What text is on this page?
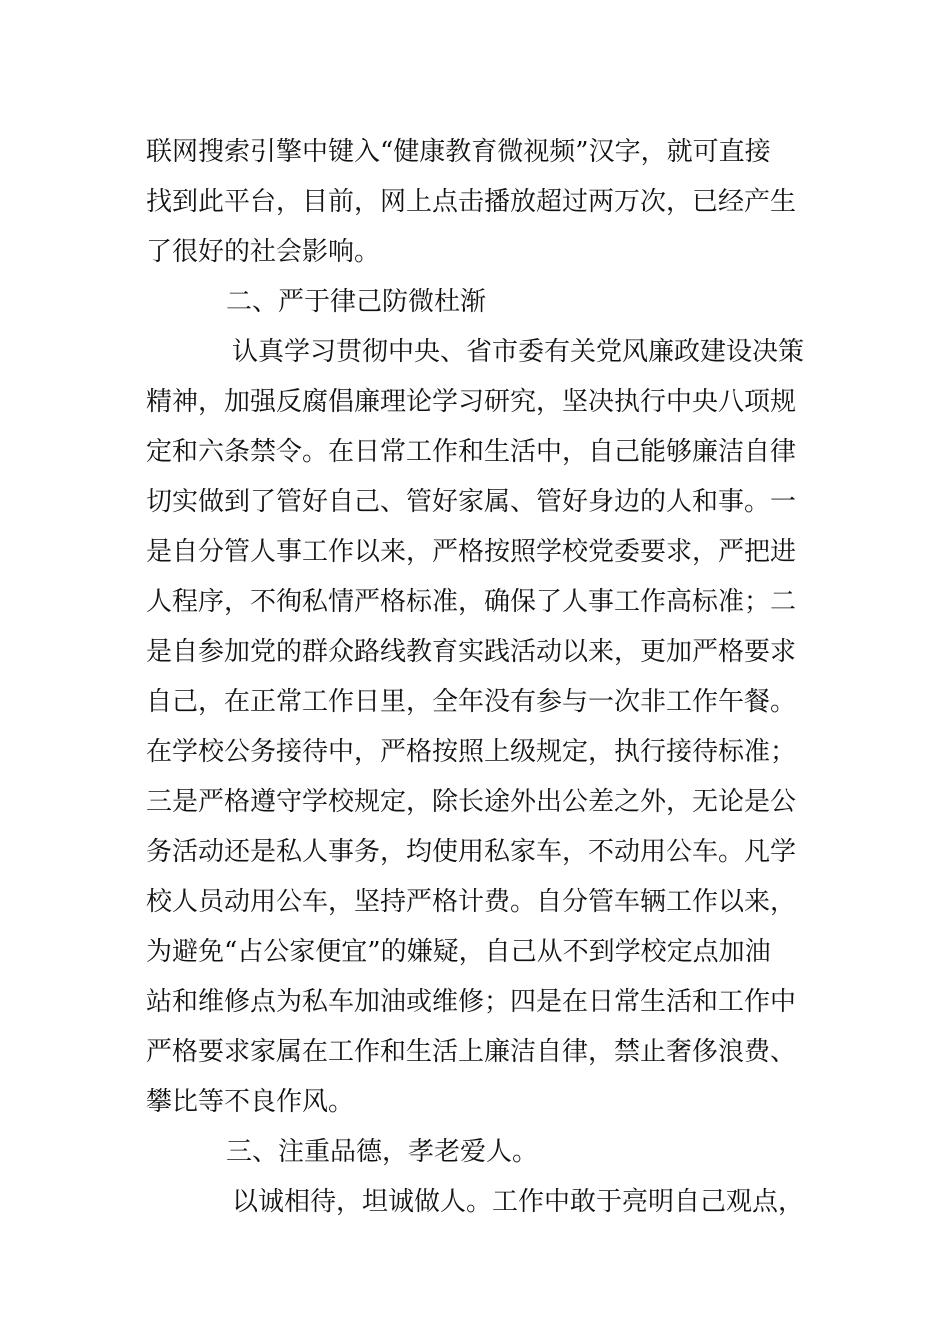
联网搜索引擎中键入“健康教育微视频”汉字，就可直接
找到此平台，目前，网上点击播放超过两万次，已经产生
了很好的社会影响。
二、严于律己防微杜渐
认真学习贯彻中央、省市委有关党风廉政建设决策
精神，加强反腐倡廉理论学习研究，坚决执行中央八项规
定和六条禁令。在日常工作和生活中，自己能够廉洁自律
切实做到了管好自己、管好家属、管好身边的人和事。一
是自分管人事工作以来，严格按照学校党委要求，严把进
人程序，不徇私情严格标准，确保了人事工作高标准；二
是自参加党的群众路线教育实践活动以来，更加严格要求
自己，在正常工作日里，全年没有参与一次非工作午餐。
在学校公务接待中，严格按照上级规定，执行接待标准；
三是严格遵守学校规定，除长途外出公差之外，无论是公
务活动还是私人事务，均使用私家车，不动用公车。凡学
校人员动用公车，坚持严格计费。自分管车辆工作以来，
为避免“占公家便宜”的嫌疑，自己从不到学校定点加油
站和维修点为私车加油或维修；四是在日常生活和工作中
严格要求家属在工作和生活上廉洁自律，禁止奢侈浪费、
攀比等不良作风。
三、注重品德，孝老爱人。
以诚相待，坦诚做人。工作中敢于亮明自己观点，
